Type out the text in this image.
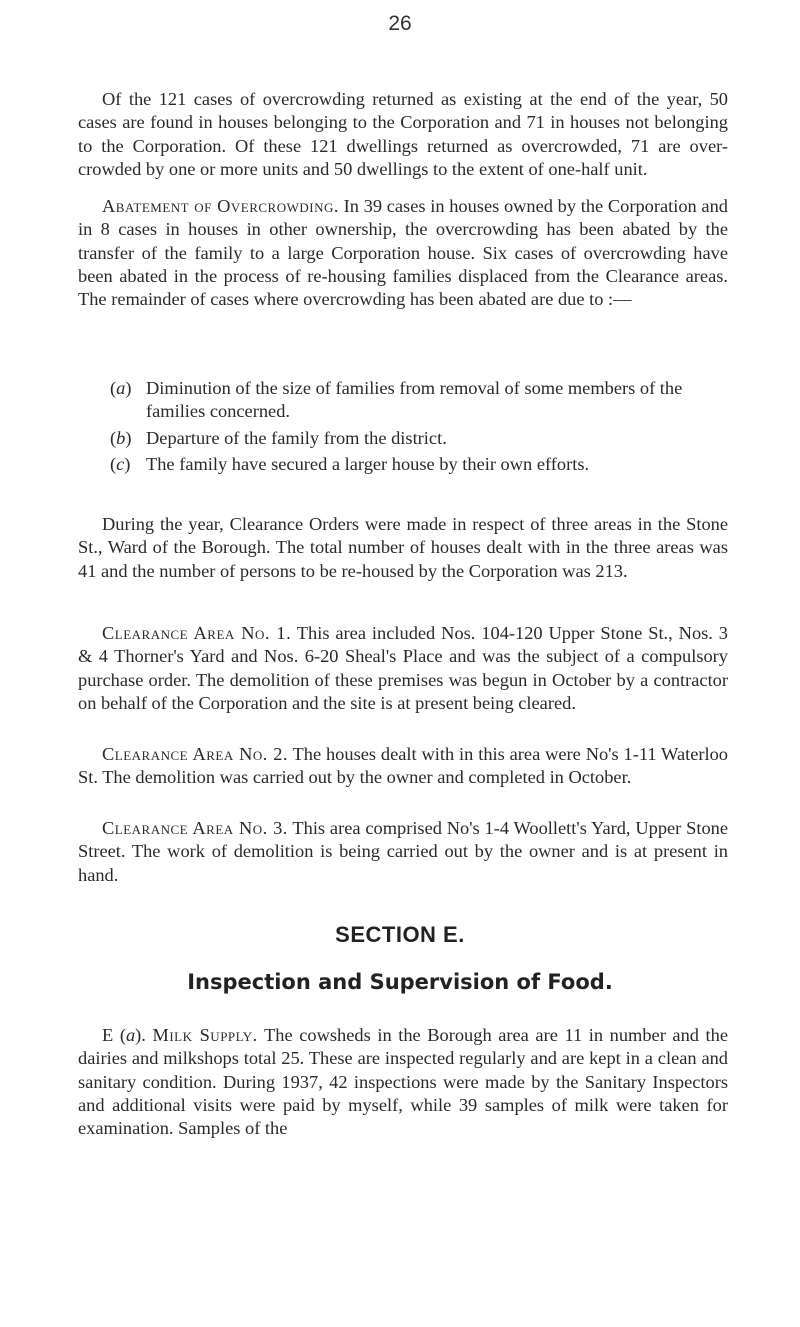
26

Of the 121 cases of overcrowding returned as existing at the end of the year, 50 cases are found in houses belonging to the Corporation and 71 in houses not belonging to the Corporation. Of these 121 dwellings returned as overcrowded, 71 are over-crowded by one or more units and 50 dwellings to the extent of one-half unit.

Abatement of Overcrowding. In 39 cases in houses owned by the Corporation and in 8 cases in houses in other ownership, the overcrowding has been abated by the transfer of the family to a large Corporation house. Six cases of overcrowding have been abated in the process of re-housing families displaced from the Clearance areas. The remainder of cases where overcrowding has been abated are due to :—

(a) Diminution of the size of families from removal of some members of the families concerned.

(b) Departure of the family from the district.

(c) The family have secured a larger house by their own efforts.

During the year, Clearance Orders were made in respect of three areas in the Stone St., Ward of the Borough. The total number of houses dealt with in the three areas was 41 and the number of persons to be re-housed by the Corporation was 213.

Clearance Area No. 1. This area included Nos. 104-120 Upper Stone St., Nos. 3 & 4 Thorner's Yard and Nos. 6-20 Sheal's Place and was the subject of a compulsory purchase order. The demolition of these premises was begun in October by a contractor on behalf of the Corporation and the site is at present being cleared.

Clearance Area No. 2. The houses dealt with in this area were No's 1-11 Waterloo St. The demolition was carried out by the owner and completed in October.

Clearance Area No. 3. This area comprised No's 1-4 Woollett's Yard, Upper Stone Street. The work of demolition is being carried out by the owner and is at present in hand.

SECTION E.
Inspection and Supervision of Food.

E (a). Milk Supply. The cowsheds in the Borough area are 11 in number and the dairies and milkshops total 25. These are inspected regularly and are kept in a clean and sanitary condition. During 1937, 42 inspections were made by the Sanitary Inspectors and additional visits were paid by myself, while 39 samples of milk were taken for examination. Samples of the
